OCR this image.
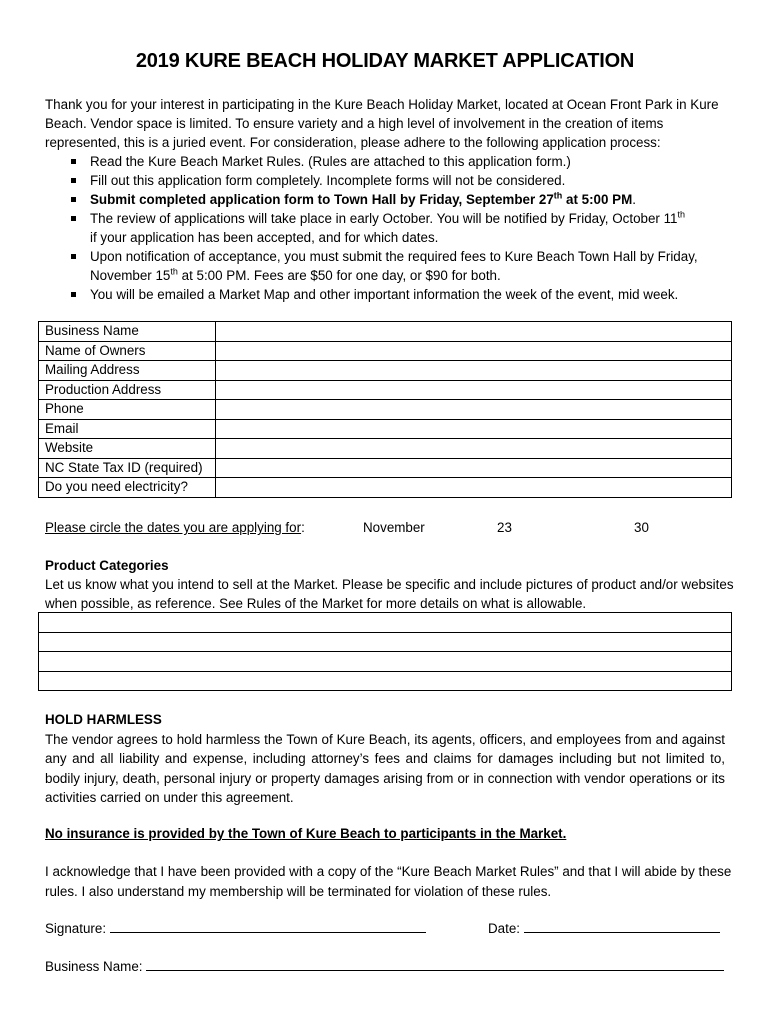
2019 KURE BEACH HOLIDAY MARKET APPLICATION

Thank you for your interest in participating in the Kure Beach Holiday Market, located at Ocean Front Park in Kure Beach. Vendor space is limited. To ensure variety and a high level of involvement in the creation of items represented, this is a juried event. For consideration, please adhere to the following application process:

Read the Kure Beach Market Rules. (Rules are attached to this application form.)
Fill out this application form completely. Incomplete forms will not be considered.
Submit completed application form to Town Hall by Friday, September 27th at 5:00 PM.
The review of applications will take place in early October. You will be notified by Friday, October 11th
if your application has been accepted, and for which dates.
Upon notification of acceptance, you must submit the required fees to Kure Beach Town Hall by Friday, November 15th at 5:00 PM. Fees are $50 for one day, or $90 for both.
You will be emailed a Market Map and other important information the week of the event, mid week.
Business Name	
Name of Owners	
Mailing Address	
Production Address	
Phone	
Email	
Website	
NC State Tax ID (required)	
Do you need electricity?	
Please circle the dates you are applying for:	November	23	30

Product Categories

Let us know what you intend to sell at the Market. Please be specific and include pictures of product and/or websites when possible, as reference. See Rules of the Market for more details on what is allowable.

HOLD HARMLESS

The vendor agrees to hold harmless the Town of Kure Beach, its agents, officers, and employees from and against any and all liability and expense, including attorney’s fees and claims for damages including but not limited to, bodily injury, death, personal injury or property damages arising from or in connection with vendor operations or its activities carried on under this agreement.

No insurance is provided by the Town of Kure Beach to participants in the Market.

I acknowledge that I have been provided with a copy of the “Kure Beach Market Rules” and that I will abide by these rules. I also understand my membership will be terminated for violation of these rules.

Signature:	Date:
Business Name:
